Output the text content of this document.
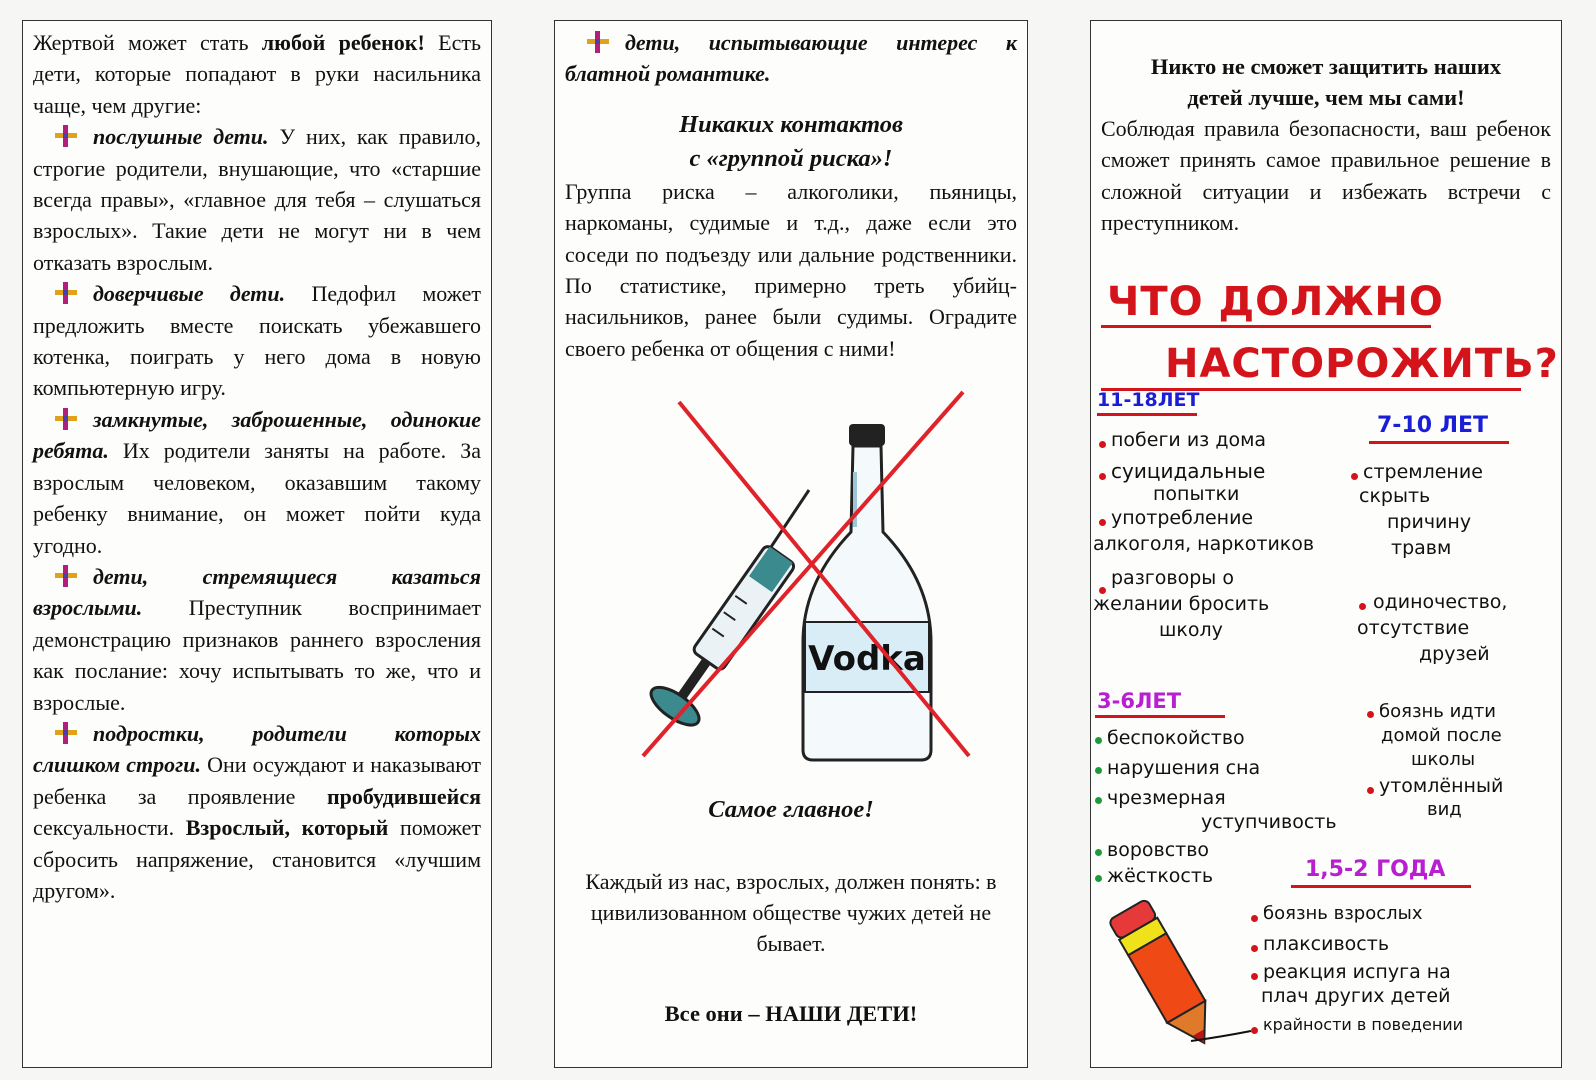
Жертвой может стать любой ребенок! Есть дети, которые попадают в руки насильника чаще, чем другие:

послушные дети. У них, как правило, строгие родители, внушающие, что «старшие всегда правы», «главное для тебя – слушаться взрослых». Такие дети не могут ни в чем отказать взрослым.

доверчивые дети. Педофил может предложить вместе поискать убежавшего котенка, поиграть у него дома в новую компьютерную игру.

замкнутые, заброшенные, одинокие ребята. Их родители заняты на работе. За взрослым человеком, оказавшим такому ребенку внимание, он может пойти куда угодно.

дети, стремящиеся казаться взрослыми. Преступник воспринимает демонстрацию признаков раннего взросления как послание: хочу испытывать то же, что и взрослые.

подростки, родители которых слишком строги. Они осуждают и наказывают ребенка за проявление пробудившейся сексуальности. Взрослый, который поможет сбросить напряжение, становится «лучшим другом».

дети, испытывающие интерес к блатной романтике.

Никаких контактов
с «группой риска»!

Группа риска – алкоголики, пьяницы, наркоманы, судимые и т.д., даже если это соседи по подъезду или дальние родственники. По статистике, примерно треть убийц-насильников, ранее были судимы. Оградите своего ребенка от общения с ними!

Vodka

Самое главное!

Каждый из нас, взрослых, должен понять: в цивилизованном обществе чужих детей не бывает.

Все они – НАШИ ДЕТИ!

Никто не сможет защитить наших детей лучше, чем мы сами!

Соблюдая правила безопасности, ваш ребенок сможет принять самое правильное решение в сложной ситуации и избежать встречи с преступником.

ЧТО ДОЛЖНО
НАСТОРОЖИТЬ?
11-18ЛЕТ
побеги из дома
суицидальные
попытки
употребление
алкоголя, наркотиков
разговоры о
желании бросить
школу
7-10 ЛЕТ
стремление
скрыть
причину
травм
одиночество,
отсутствие
друзей
3-6ЛЕТ
беспокойство
нарушения сна
чрезмерная
уступчивость
воровство
жёсткость
боязнь идти
домой после
школы
утомлённый
вид
1,5-2 ГОДА
боязнь взрослых
плаксивость
реакция испуга на
плач других детей
крайности в поведении
